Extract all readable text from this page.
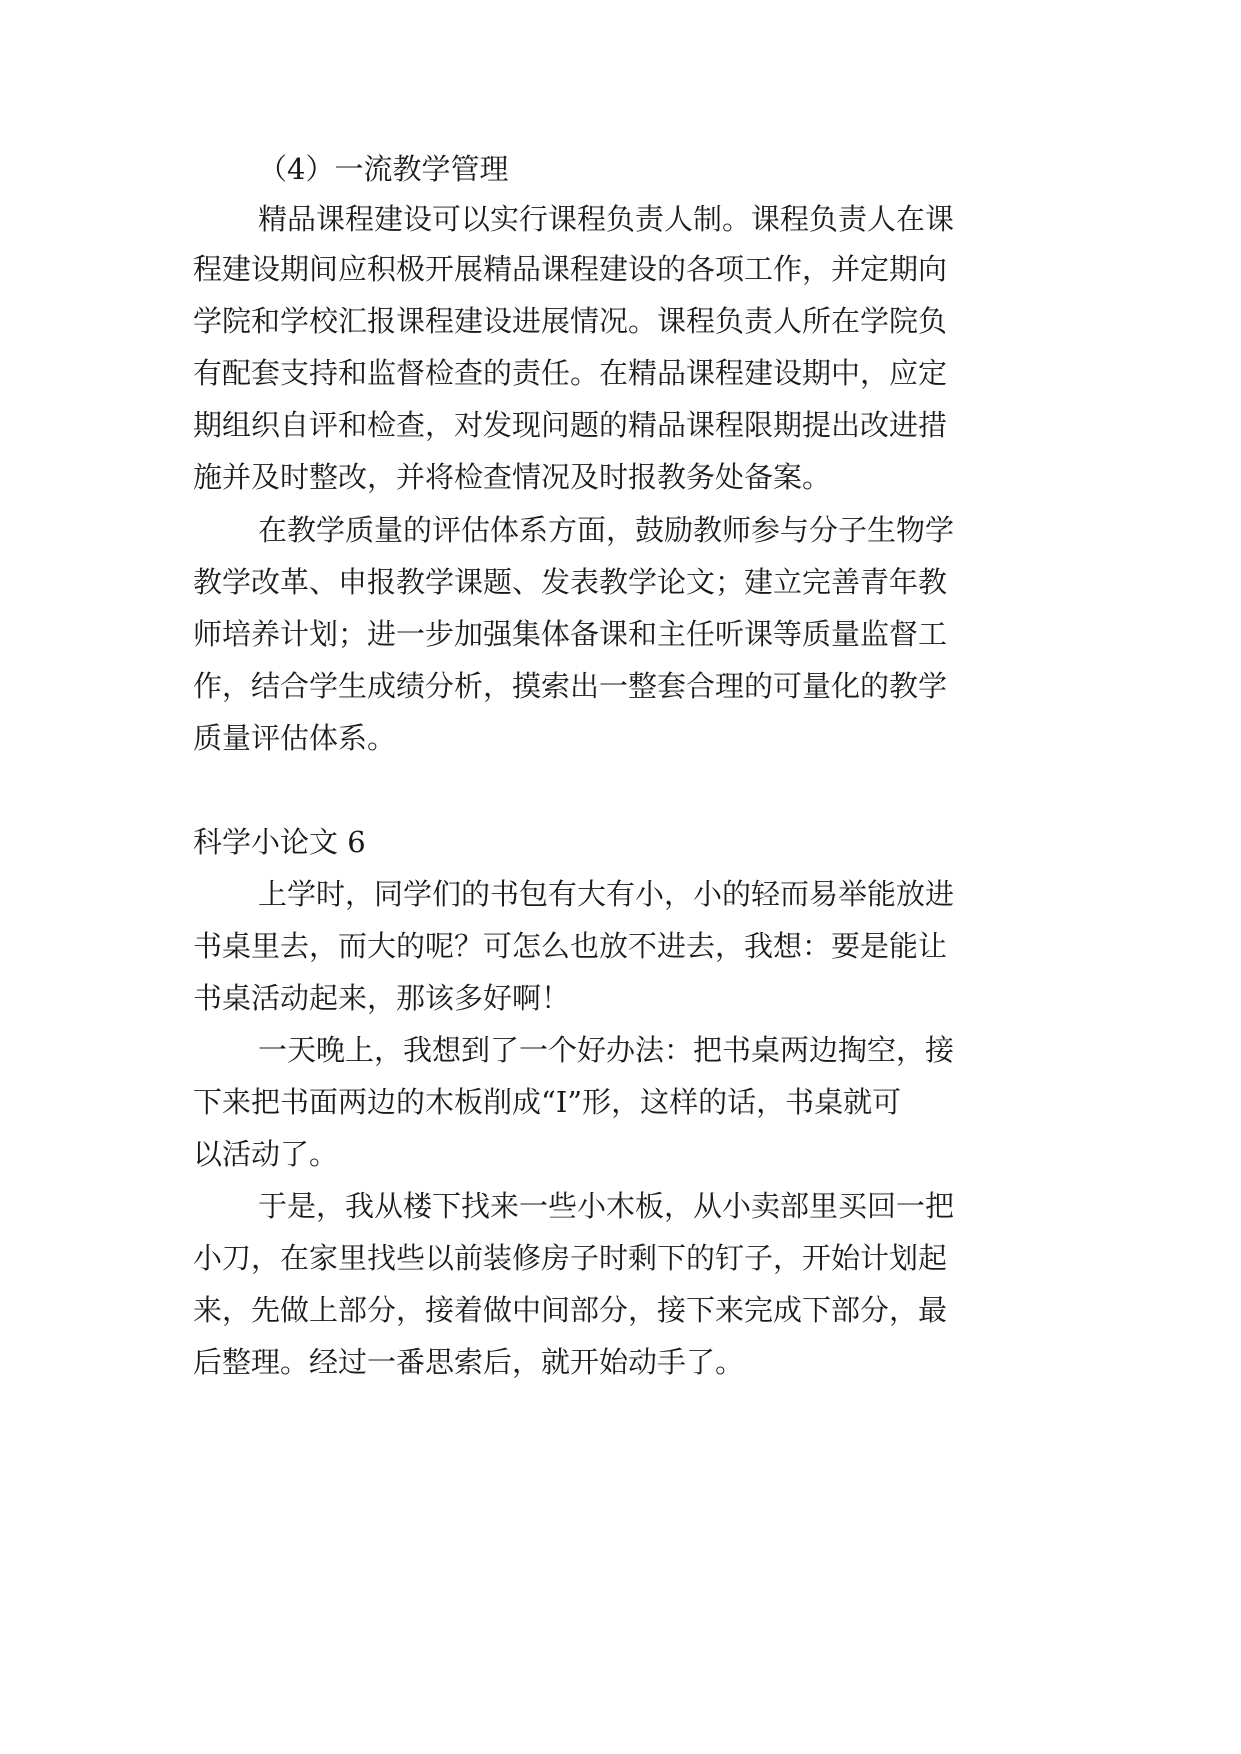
（4）一流教学管理
精品课程建设可以实行课程负责人制。课程负责人在课
程建设期间应积极开展精品课程建设的各项工作，并定期向
学院和学校汇报课程建设进展情况。课程负责人所在学院负
有配套支持和监督检查的责任。在精品课程建设期中，应定
期组织自评和检查，对发现问题的精品课程限期提出改进措
施并及时整改，并将检查情况及时报教务处备案。
在教学质量的评估体系方面，鼓励教师参与分子生物学
教学改革、申报教学课题、发表教学论文；建立完善青年教
师培养计划；进一步加强集体备课和主任听课等质量监督工
作，结合学生成绩分析，摸索出一整套合理的可量化的教学
质量评估体系。
科学小论文 6
上学时，同学们的书包有大有小，小的轻而易举能放进
书桌里去，而大的呢？可怎么也放不进去，我想：要是能让
书桌活动起来，那该多好啊！
一天晚上，我想到了一个好办法：把书桌两边掏空，接
下来把书面两边的木板削成“I”形，这样的话，书桌就可
以活动了。
于是，我从楼下找来一些小木板，从小卖部里买回一把
小刀，在家里找些以前装修房子时剩下的钉子，开始计划起
来，先做上部分，接着做中间部分，接下来完成下部分，最
后整理。经过一番思索后，就开始动手了。
